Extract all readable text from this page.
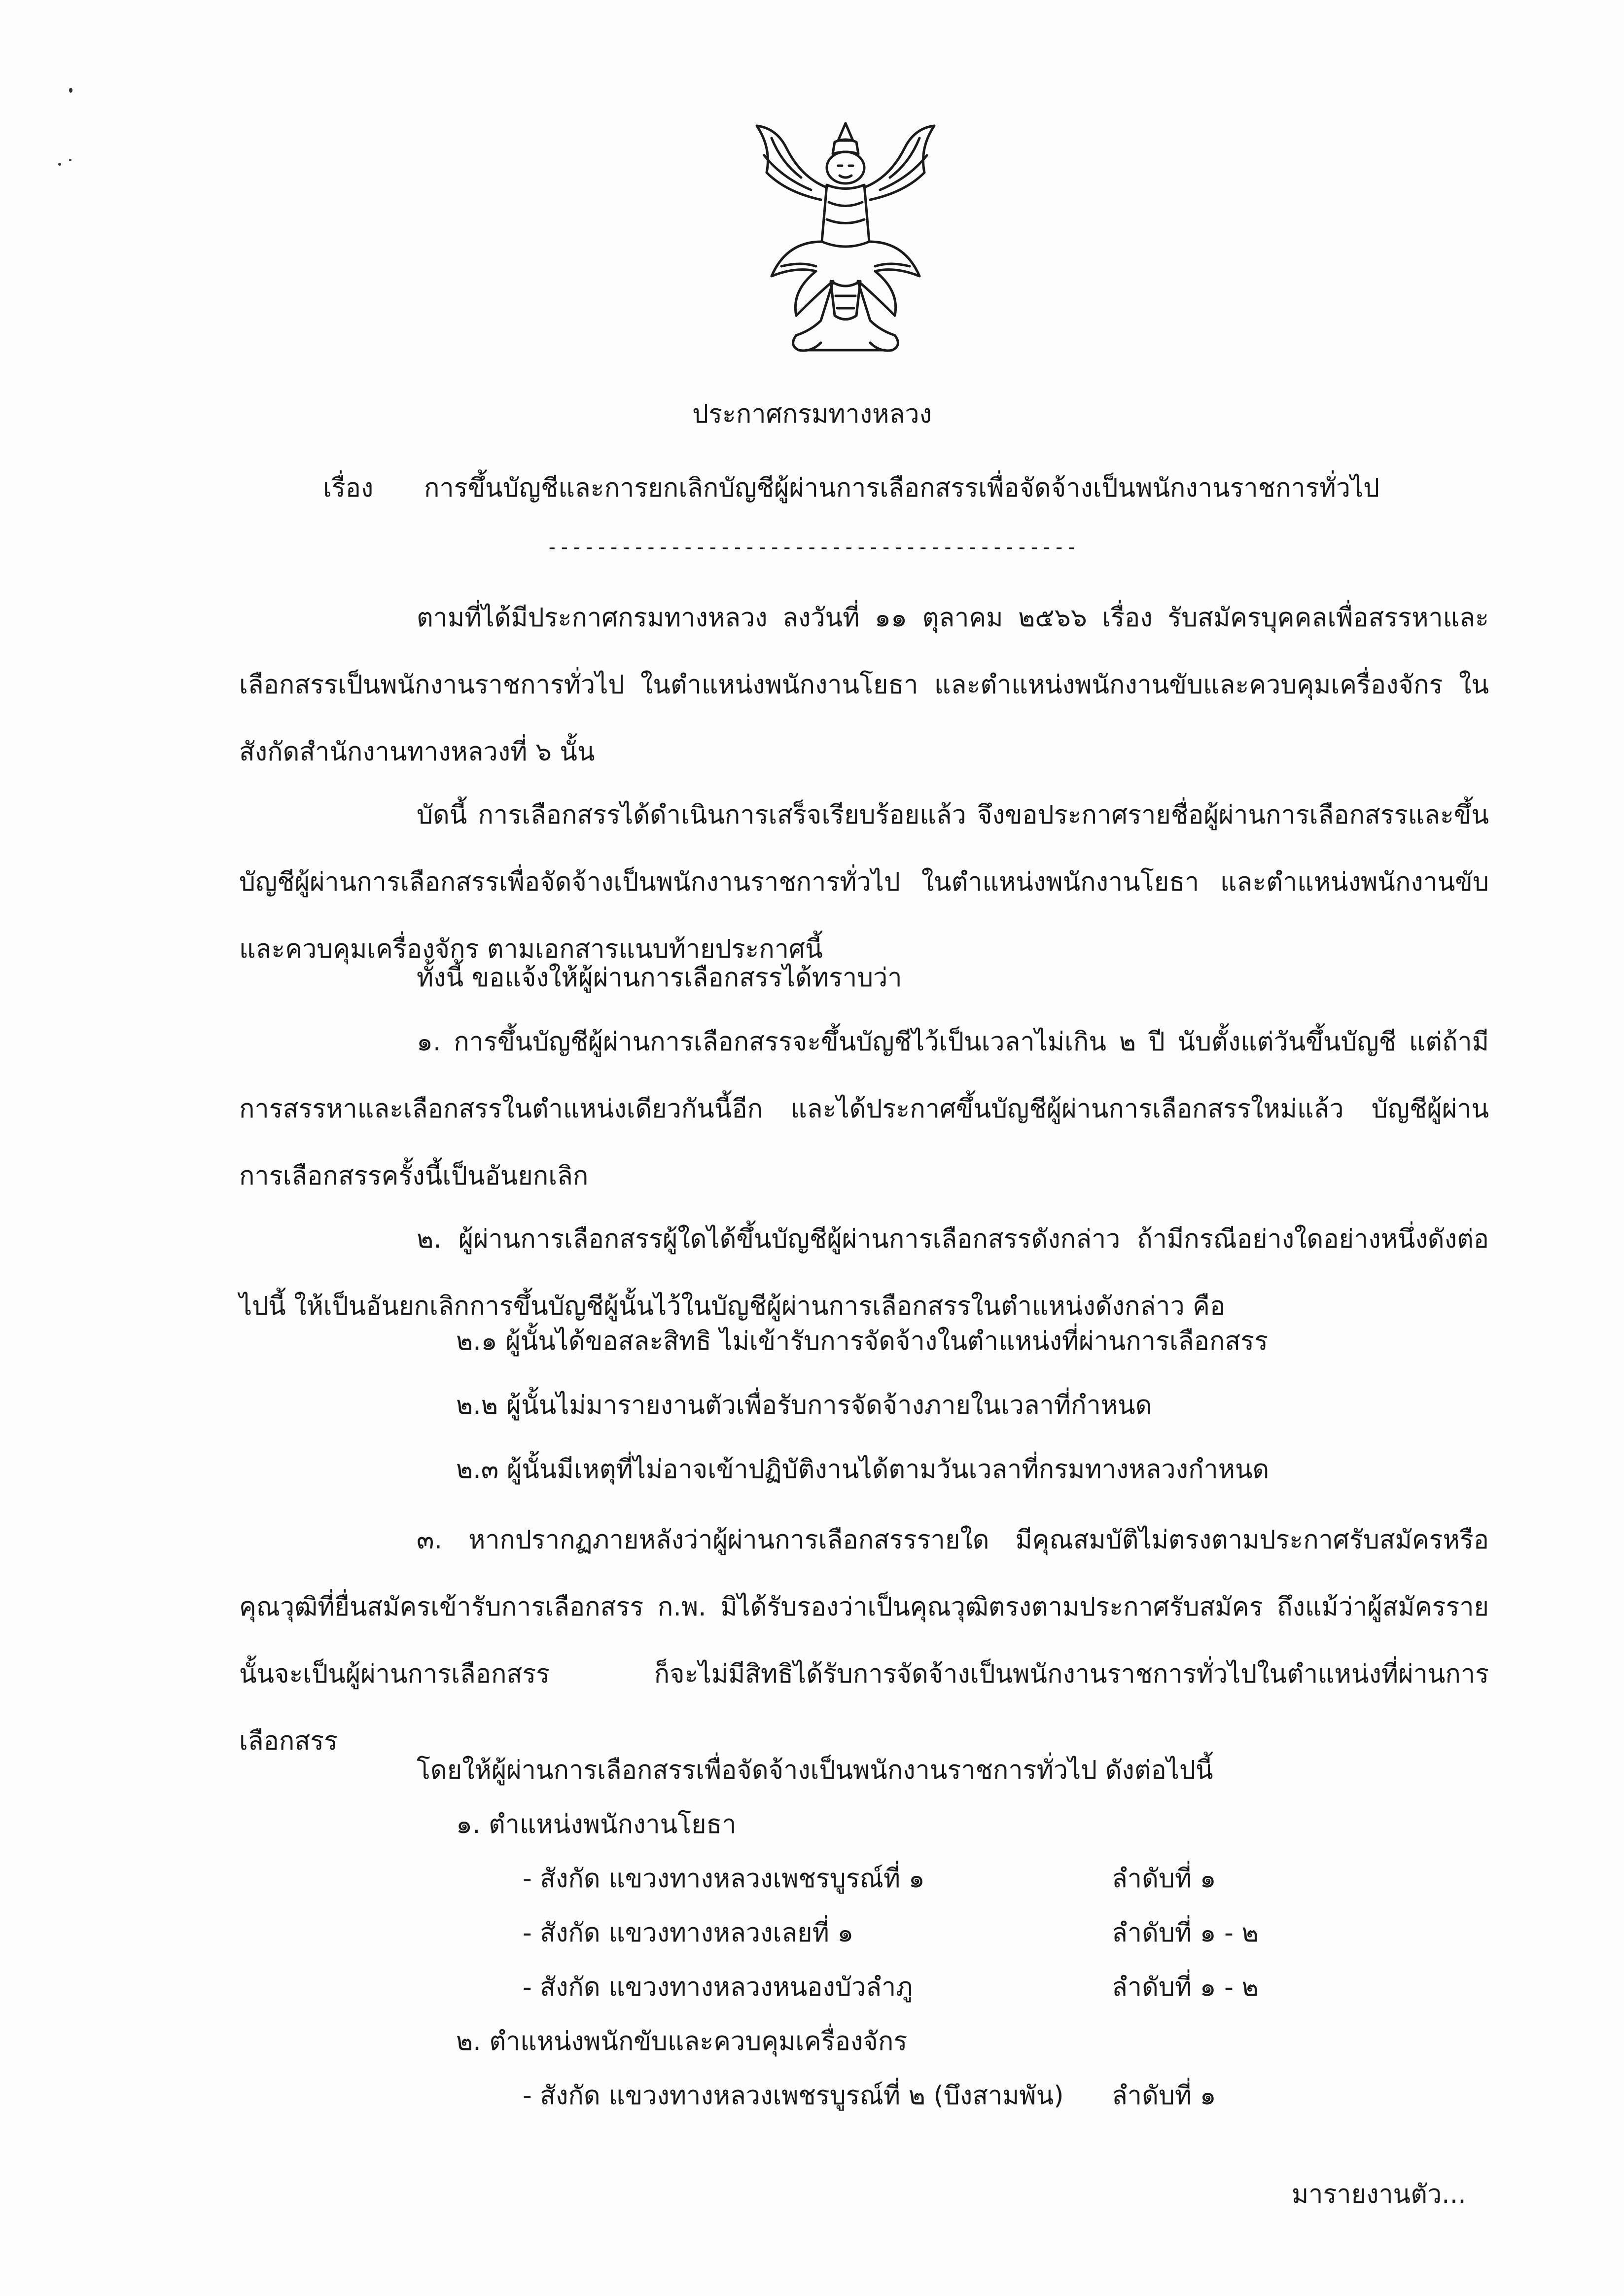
ประกาศกรมทางหลวง
เรื่อง การขึ้นบัญชีและการยกเลิกบัญชีผู้ผ่านการเลือกสรรเพื่อจัดจ้างเป็นพนักงานราชการทั่วไป
-------------------------------------------
ตามที่ได้มีประกาศกรมทางหลวง ลงวันที่ ๑๑ ตุลาคม ๒๕๖๖ เรื่อง รับสมัครบุคคลเพื่อสรรหาและเลือกสรรเป็นพนักงานราชการทั่วไป ในตำแหน่งพนักงานโยธา และตำแหน่งพนักงานขับและควบคุมเครื่องจักร ในสังกัดสำนักงานทางหลวงที่ ๖ นั้น
บัดนี้ การเลือกสรรได้ดำเนินการเสร็จเรียบร้อยแล้ว จึงขอประกาศรายชื่อผู้ผ่านการเลือกสรรและขึ้นบัญชีผู้ผ่านการเลือกสรรเพื่อจัดจ้างเป็นพนักงานราชการทั่วไป ในตำแหน่งพนักงานโยธา และตำแหน่งพนักงานขับและควบคุมเครื่องจักร ตามเอกสารแนบท้ายประกาศนี้
ทั้งนี้ ขอแจ้งให้ผู้ผ่านการเลือกสรรได้ทราบว่า
๑. การขึ้นบัญชีผู้ผ่านการเลือกสรรจะขึ้นบัญชีไว้เป็นเวลาไม่เกิน ๒ ปี นับตั้งแต่วันขึ้นบัญชี แต่ถ้ามีการสรรหาและเลือกสรรในตำแหน่งเดียวกันนี้อีก และได้ประกาศขึ้นบัญชีผู้ผ่านการเลือกสรรใหม่แล้ว บัญชีผู้ผ่านการเลือกสรรครั้งนี้เป็นอันยกเลิก
๒. ผู้ผ่านการเลือกสรรผู้ใดได้ขึ้นบัญชีผู้ผ่านการเลือกสรรดังกล่าว ถ้ามีกรณีอย่างใดอย่างหนึ่งดังต่อไปนี้ ให้เป็นอันยกเลิกการขึ้นบัญชีผู้นั้นไว้ในบัญชีผู้ผ่านการเลือกสรรในตำแหน่งดังกล่าว คือ
๒.๑ ผู้นั้นได้ขอสละสิทธิ ไม่เข้ารับการจัดจ้างในตำแหน่งที่ผ่านการเลือกสรร
๒.๒ ผู้นั้นไม่มารายงานตัวเพื่อรับการจัดจ้างภายในเวลาที่กำหนด
๒.๓ ผู้นั้นมีเหตุที่ไม่อาจเข้าปฏิบัติงานได้ตามวันเวลาที่กรมทางหลวงกำหนด
๓. หากปรากฏภายหลังว่าผู้ผ่านการเลือกสรรรายใด มีคุณสมบัติไม่ตรงตามประกาศรับสมัครหรือคุณวุฒิที่ยื่นสมัครเข้ารับการเลือกสรร ก.พ. มิได้รับรองว่าเป็นคุณวุฒิตรงตามประกาศรับสมัคร ถึงแม้ว่าผู้สมัครรายนั้นจะเป็นผู้ผ่านการเลือกสรร ก็จะไม่มีสิทธิได้รับการจัดจ้างเป็นพนักงานราชการทั่วไปในตำแหน่งที่ผ่านการเลือกสรร
โดยให้ผู้ผ่านการเลือกสรรเพื่อจัดจ้างเป็นพนักงานราชการทั่วไป ดังต่อไปนี้
๑. ตำแหน่งพนักงานโยธา
- สังกัด แขวงทางหลวงเพชรบูรณ์ที่ ๑	ลำดับที่ ๑
- สังกัด แขวงทางหลวงเลยที่ ๑	ลำดับที่ ๑ - ๒
- สังกัด แขวงทางหลวงหนองบัวลำภู	ลำดับที่ ๑ - ๒
๒. ตำแหน่งพนักขับและควบคุมเครื่องจักร
- สังกัด แขวงทางหลวงเพชรบูรณ์ที่ ๒ (บึงสามพัน) ลำดับที่ ๑
มารายงานตัว...
